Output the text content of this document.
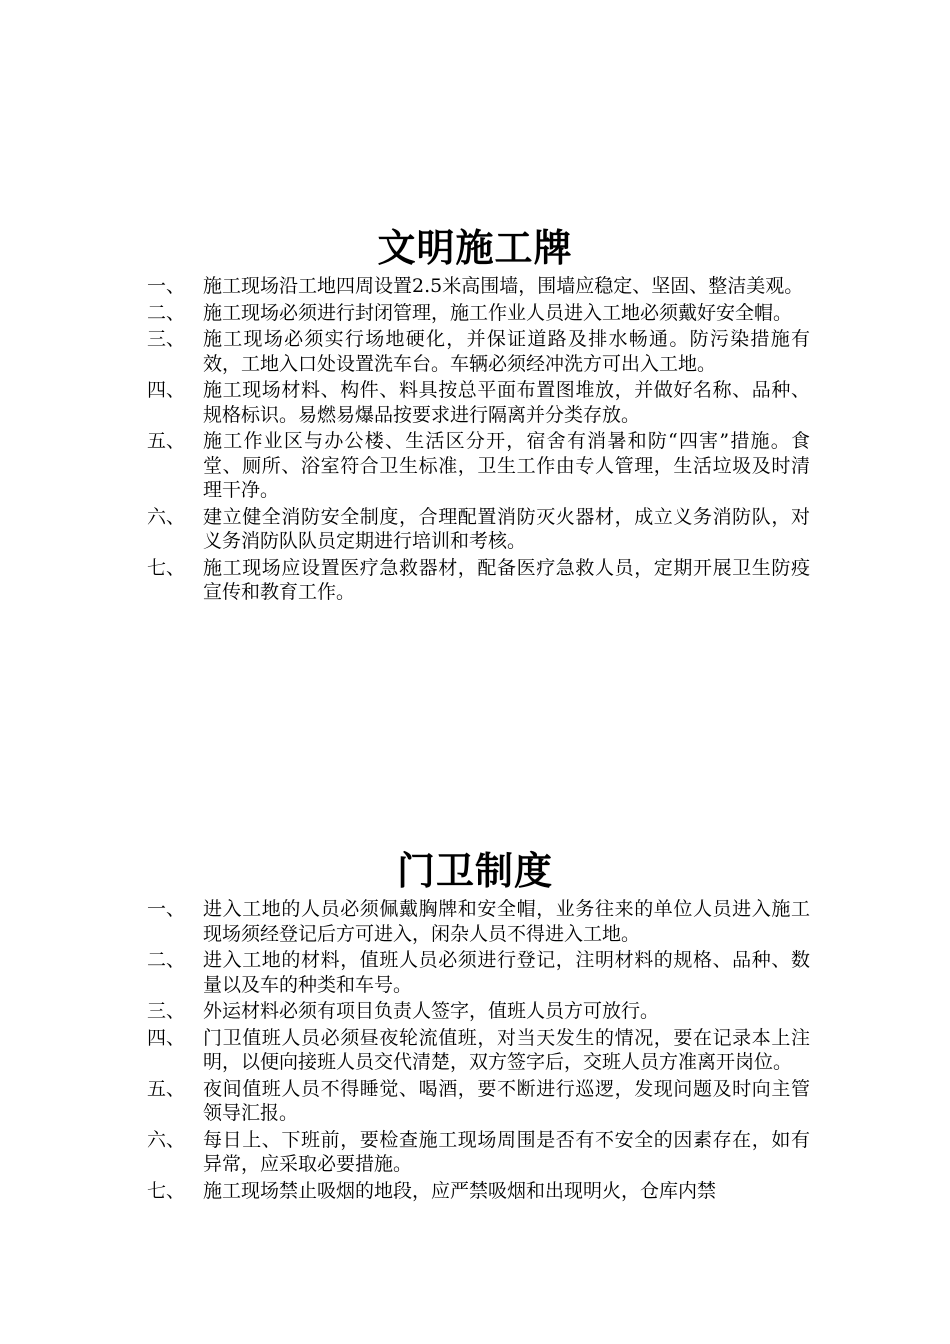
文明施工牌
一、 施工现场沿工地四周设置2.5米高围墙，围墙应稳定、坚固、整洁美观。
二、 施工现场必须进行封闭管理，施工作业人员进入工地必须戴好安全帽。
三、 施工现场必须实行场地硬化，并保证道路及排水畅通。防污染措施有效，工地入口处设置洗车台。车辆必须经冲洗方可出入工地。
四、 施工现场材料、构件、料具按总平面布置图堆放，并做好名称、品种、规格标识。易燃易爆品按要求进行隔离并分类存放。
五、 施工作业区与办公楼、生活区分开，宿舍有消暑和防“四害”措施。食堂、厕所、浴室符合卫生标准，卫生工作由专人管理，生活垃圾及时清理干净。
六、 建立健全消防安全制度，合理配置消防灭火器材，成立义务消防队，对义务消防队队员定期进行培训和考核。
七、 施工现场应设置医疗急救器材，配备医疗急救人员，定期开展卫生防疫宣传和教育工作。
门卫制度
一、 进入工地的人员必须佩戴胸牌和安全帽，业务往来的单位人员进入施工现场须经登记后方可进入，闲杂人员不得进入工地。
二、 进入工地的材料，值班人员必须进行登记，注明材料的规格、品种、数量以及车的种类和车号。
三、 外运材料必须有项目负责人签字，值班人员方可放行。
四、 门卫值班人员必须昼夜轮流值班，对当天发生的情况，要在记录本上注明，以便向接班人员交代清楚，双方签字后，交班人员方准离开岗位。
五、 夜间值班人员不得睡觉、喝酒，要不断进行巡逻，发现问题及时向主管领导汇报。
六、 每日上、下班前，要检查施工现场周围是否有不安全的因素存在，如有异常，应采取必要措施。
七、 施工现场禁止吸烟的地段，应严禁吸烟和出现明火，仓库内禁
